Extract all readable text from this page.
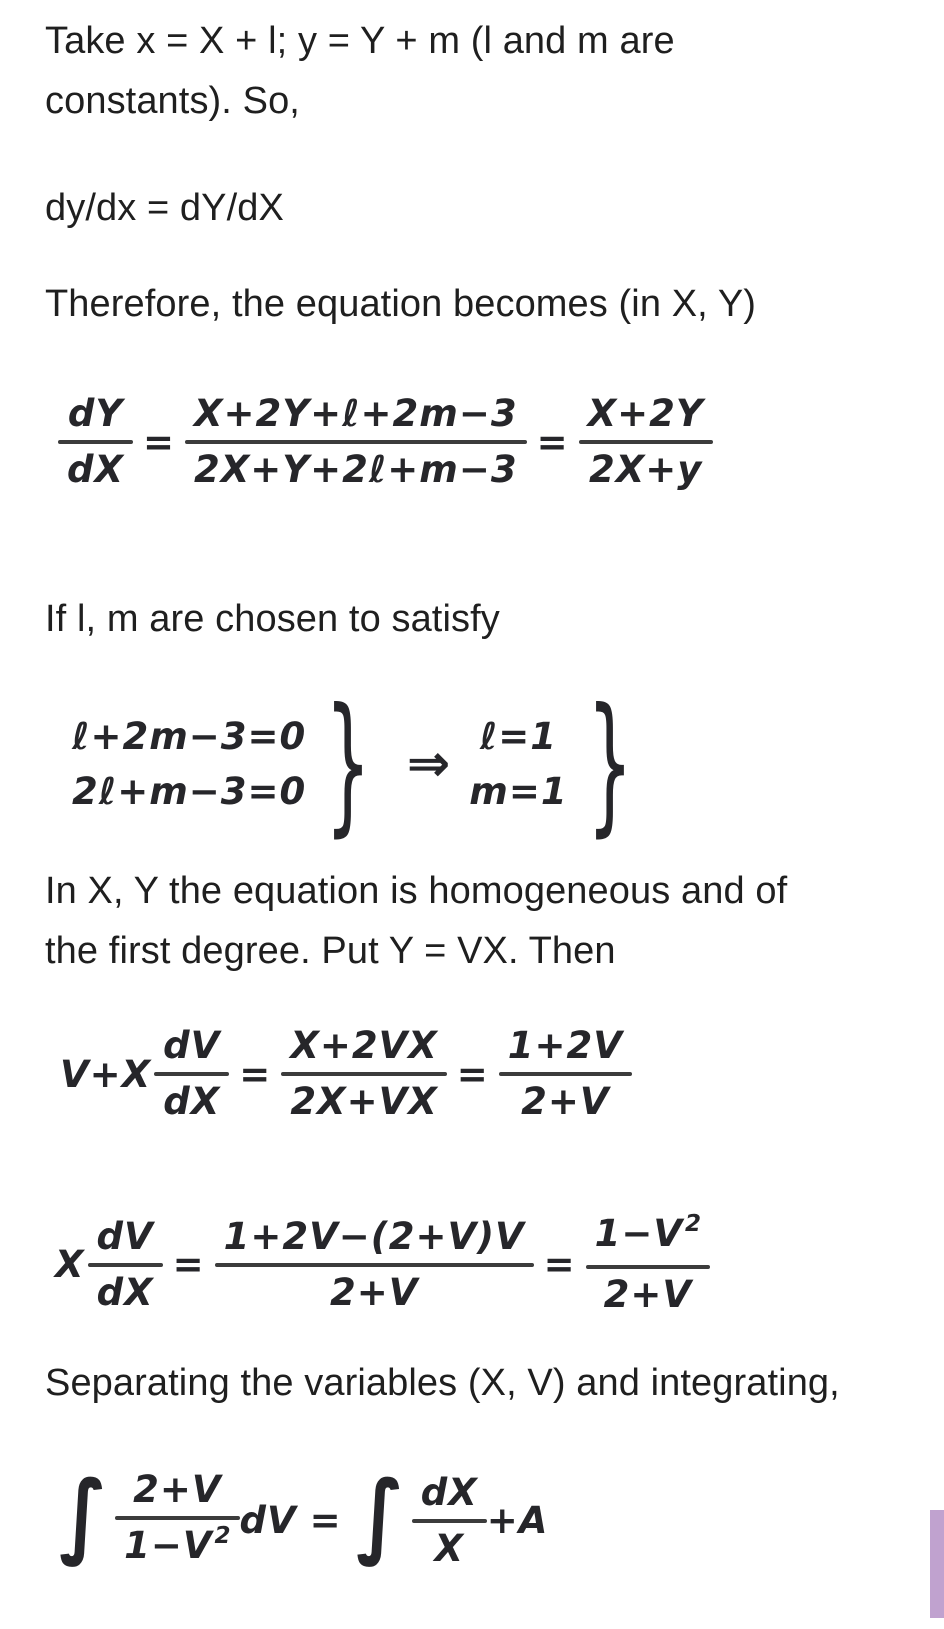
Take x = X + l; y = Y + m (l and m are
constants). So,
dy/dx = dY/dX
Therefore, the equation becomes (in X, Y)
$\frac{dY}{dX} = \frac{\text{X+2Y+ℓ+2m−3}}{\text{2X+Y+2ℓ+m−3}} = \frac{X+2Y}{2X+y}$
If l, m are chosen to satisfy
ℓ+2m−3=0
2ℓ+m−3=0 } ⇒ ℓ=1
m=1 }
In X, Y the equation is homogeneous and of
the first degree. Put Y = VX. Then
$V+X \frac{dV}{dX} = \frac{X+2VX}{2X+VX} = \frac{1+2V}{2+V}$
X $\frac{dV}{dX} = \frac{1+2V-(2+V)V}{2+V} = \frac{1-V^2}{2+V}$
Separating the variables (X, V) and integrating,
∫ $\frac{2+V}{1-V^2}$ dV = ∫ $\frac{dX}{X} +A$
